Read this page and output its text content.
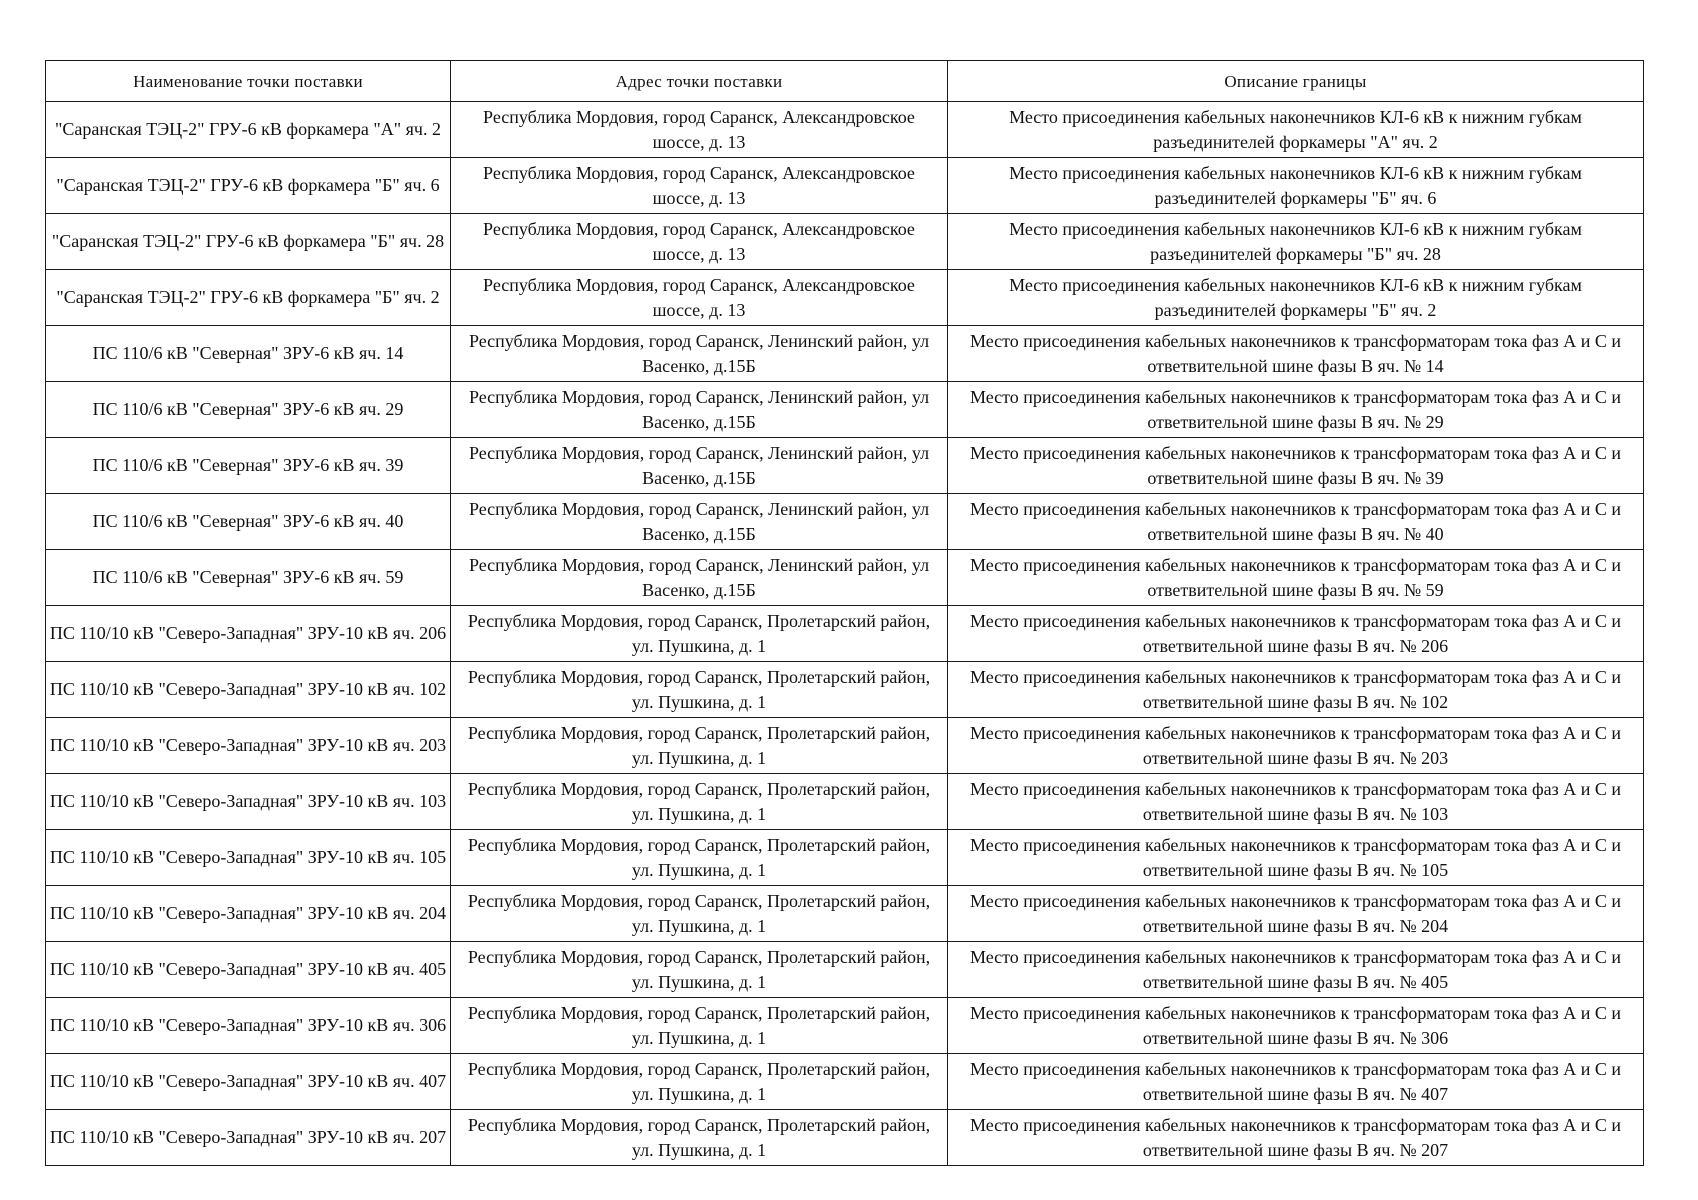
Наименование точки поставки	Адрес точки поставки	Описание границы
"Саранская ТЭЦ-2" ГРУ-6 кВ форкамера "А" яч. 2	Республика Мордовия, город Саранск, Александровское шоссе, д. 13	Место присоединения кабельных наконечников КЛ-6 кВ к нижним губкам разъединителей форкамеры "А" яч. 2
"Саранская ТЭЦ-2" ГРУ-6 кВ форкамера "Б" яч. 6	Республика Мордовия, город Саранск, Александровское шоссе, д. 13	Место присоединения кабельных наконечников КЛ-6 кВ к нижним губкам разъединителей форкамеры "Б" яч. 6
"Саранская ТЭЦ-2" ГРУ-6 кВ форкамера "Б" яч. 28	Республика Мордовия, город Саранск, Александровское шоссе, д. 13	Место присоединения кабельных наконечников КЛ-6 кВ к нижним губкам разъединителей форкамеры "Б" яч. 28
"Саранская ТЭЦ-2" ГРУ-6 кВ форкамера "Б" яч. 2	Республика Мордовия, город Саранск, Александровское шоссе, д. 13	Место присоединения кабельных наконечников КЛ-6 кВ к нижним губкам разъединителей форкамеры "Б" яч. 2
ПС 110/6 кВ "Северная" ЗРУ-6 кВ яч. 14	Республика Мордовия, город Саранск, Ленинский район, ул Васенко, д.15Б	Место присоединения кабельных наконечников к трансформаторам тока фаз А и С и ответвительной шине фазы В яч. № 14
ПС 110/6 кВ "Северная" ЗРУ-6 кВ яч. 29	Республика Мордовия, город Саранск, Ленинский район, ул Васенко, д.15Б	Место присоединения кабельных наконечников к трансформаторам тока фаз А и С и ответвительной шине фазы В яч. № 29
ПС 110/6 кВ "Северная" ЗРУ-6 кВ яч. 39	Республика Мордовия, город Саранск, Ленинский район, ул Васенко, д.15Б	Место присоединения кабельных наконечников к трансформаторам тока фаз А и С и ответвительной шине фазы В яч. № 39
ПС 110/6 кВ "Северная" ЗРУ-6 кВ яч. 40	Республика Мордовия, город Саранск, Ленинский район, ул Васенко, д.15Б	Место присоединения кабельных наконечников к трансформаторам тока фаз А и С и ответвительной шине фазы В яч. № 40
ПС 110/6 кВ "Северная" ЗРУ-6 кВ яч. 59	Республика Мордовия, город Саранск, Ленинский район, ул Васенко, д.15Б	Место присоединения кабельных наконечников к трансформаторам тока фаз А и С и ответвительной шине фазы В яч. № 59
ПС 110/10 кВ "Северо-Западная" ЗРУ-10 кВ яч. 206	Республика Мордовия, город Саранск, Пролетарский район, ул. Пушкина, д. 1	Место присоединения кабельных наконечников к трансформаторам тока фаз А и С и ответвительной шине фазы В яч. № 206
ПС 110/10 кВ "Северо-Западная" ЗРУ-10 кВ яч. 102	Республика Мордовия, город Саранск, Пролетарский район, ул. Пушкина, д. 1	Место присоединения кабельных наконечников к трансформаторам тока фаз А и С и ответвительной шине фазы В яч. № 102
ПС 110/10 кВ "Северо-Западная" ЗРУ-10 кВ яч. 203	Республика Мордовия, город Саранск, Пролетарский район, ул. Пушкина, д. 1	Место присоединения кабельных наконечников к трансформаторам тока фаз А и С и ответвительной шине фазы В яч. № 203
ПС 110/10 кВ "Северо-Западная" ЗРУ-10 кВ яч. 103	Республика Мордовия, город Саранск, Пролетарский район, ул. Пушкина, д. 1	Место присоединения кабельных наконечников к трансформаторам тока фаз А и С и ответвительной шине фазы В яч. № 103
ПС 110/10 кВ "Северо-Западная" ЗРУ-10 кВ яч. 105	Республика Мордовия, город Саранск, Пролетарский район, ул. Пушкина, д. 1	Место присоединения кабельных наконечников к трансформаторам тока фаз А и С и ответвительной шине фазы В яч. № 105
ПС 110/10 кВ "Северо-Западная" ЗРУ-10 кВ яч. 204	Республика Мордовия, город Саранск, Пролетарский район, ул. Пушкина, д. 1	Место присоединения кабельных наконечников к трансформаторам тока фаз А и С и ответвительной шине фазы В яч. № 204
ПС 110/10 кВ "Северо-Западная" ЗРУ-10 кВ яч. 405	Республика Мордовия, город Саранск, Пролетарский район, ул. Пушкина, д. 1	Место присоединения кабельных наконечников к трансформаторам тока фаз А и С и ответвительной шине фазы В яч. № 405
ПС 110/10 кВ "Северо-Западная" ЗРУ-10 кВ яч. 306	Республика Мордовия, город Саранск, Пролетарский район, ул. Пушкина, д. 1	Место присоединения кабельных наконечников к трансформаторам тока фаз А и С и ответвительной шине фазы В яч. № 306
ПС 110/10 кВ "Северо-Западная" ЗРУ-10 кВ яч. 407	Республика Мордовия, город Саранск, Пролетарский район, ул. Пушкина, д. 1	Место присоединения кабельных наконечников к трансформаторам тока фаз А и С и ответвительной шине фазы В яч. № 407
ПС 110/10 кВ "Северо-Западная" ЗРУ-10 кВ яч. 207	Республика Мордовия, город Саранск, Пролетарский район, ул. Пушкина, д. 1	Место присоединения кабельных наконечников к трансформаторам тока фаз А и С и ответвительной шине фазы В яч. № 207
